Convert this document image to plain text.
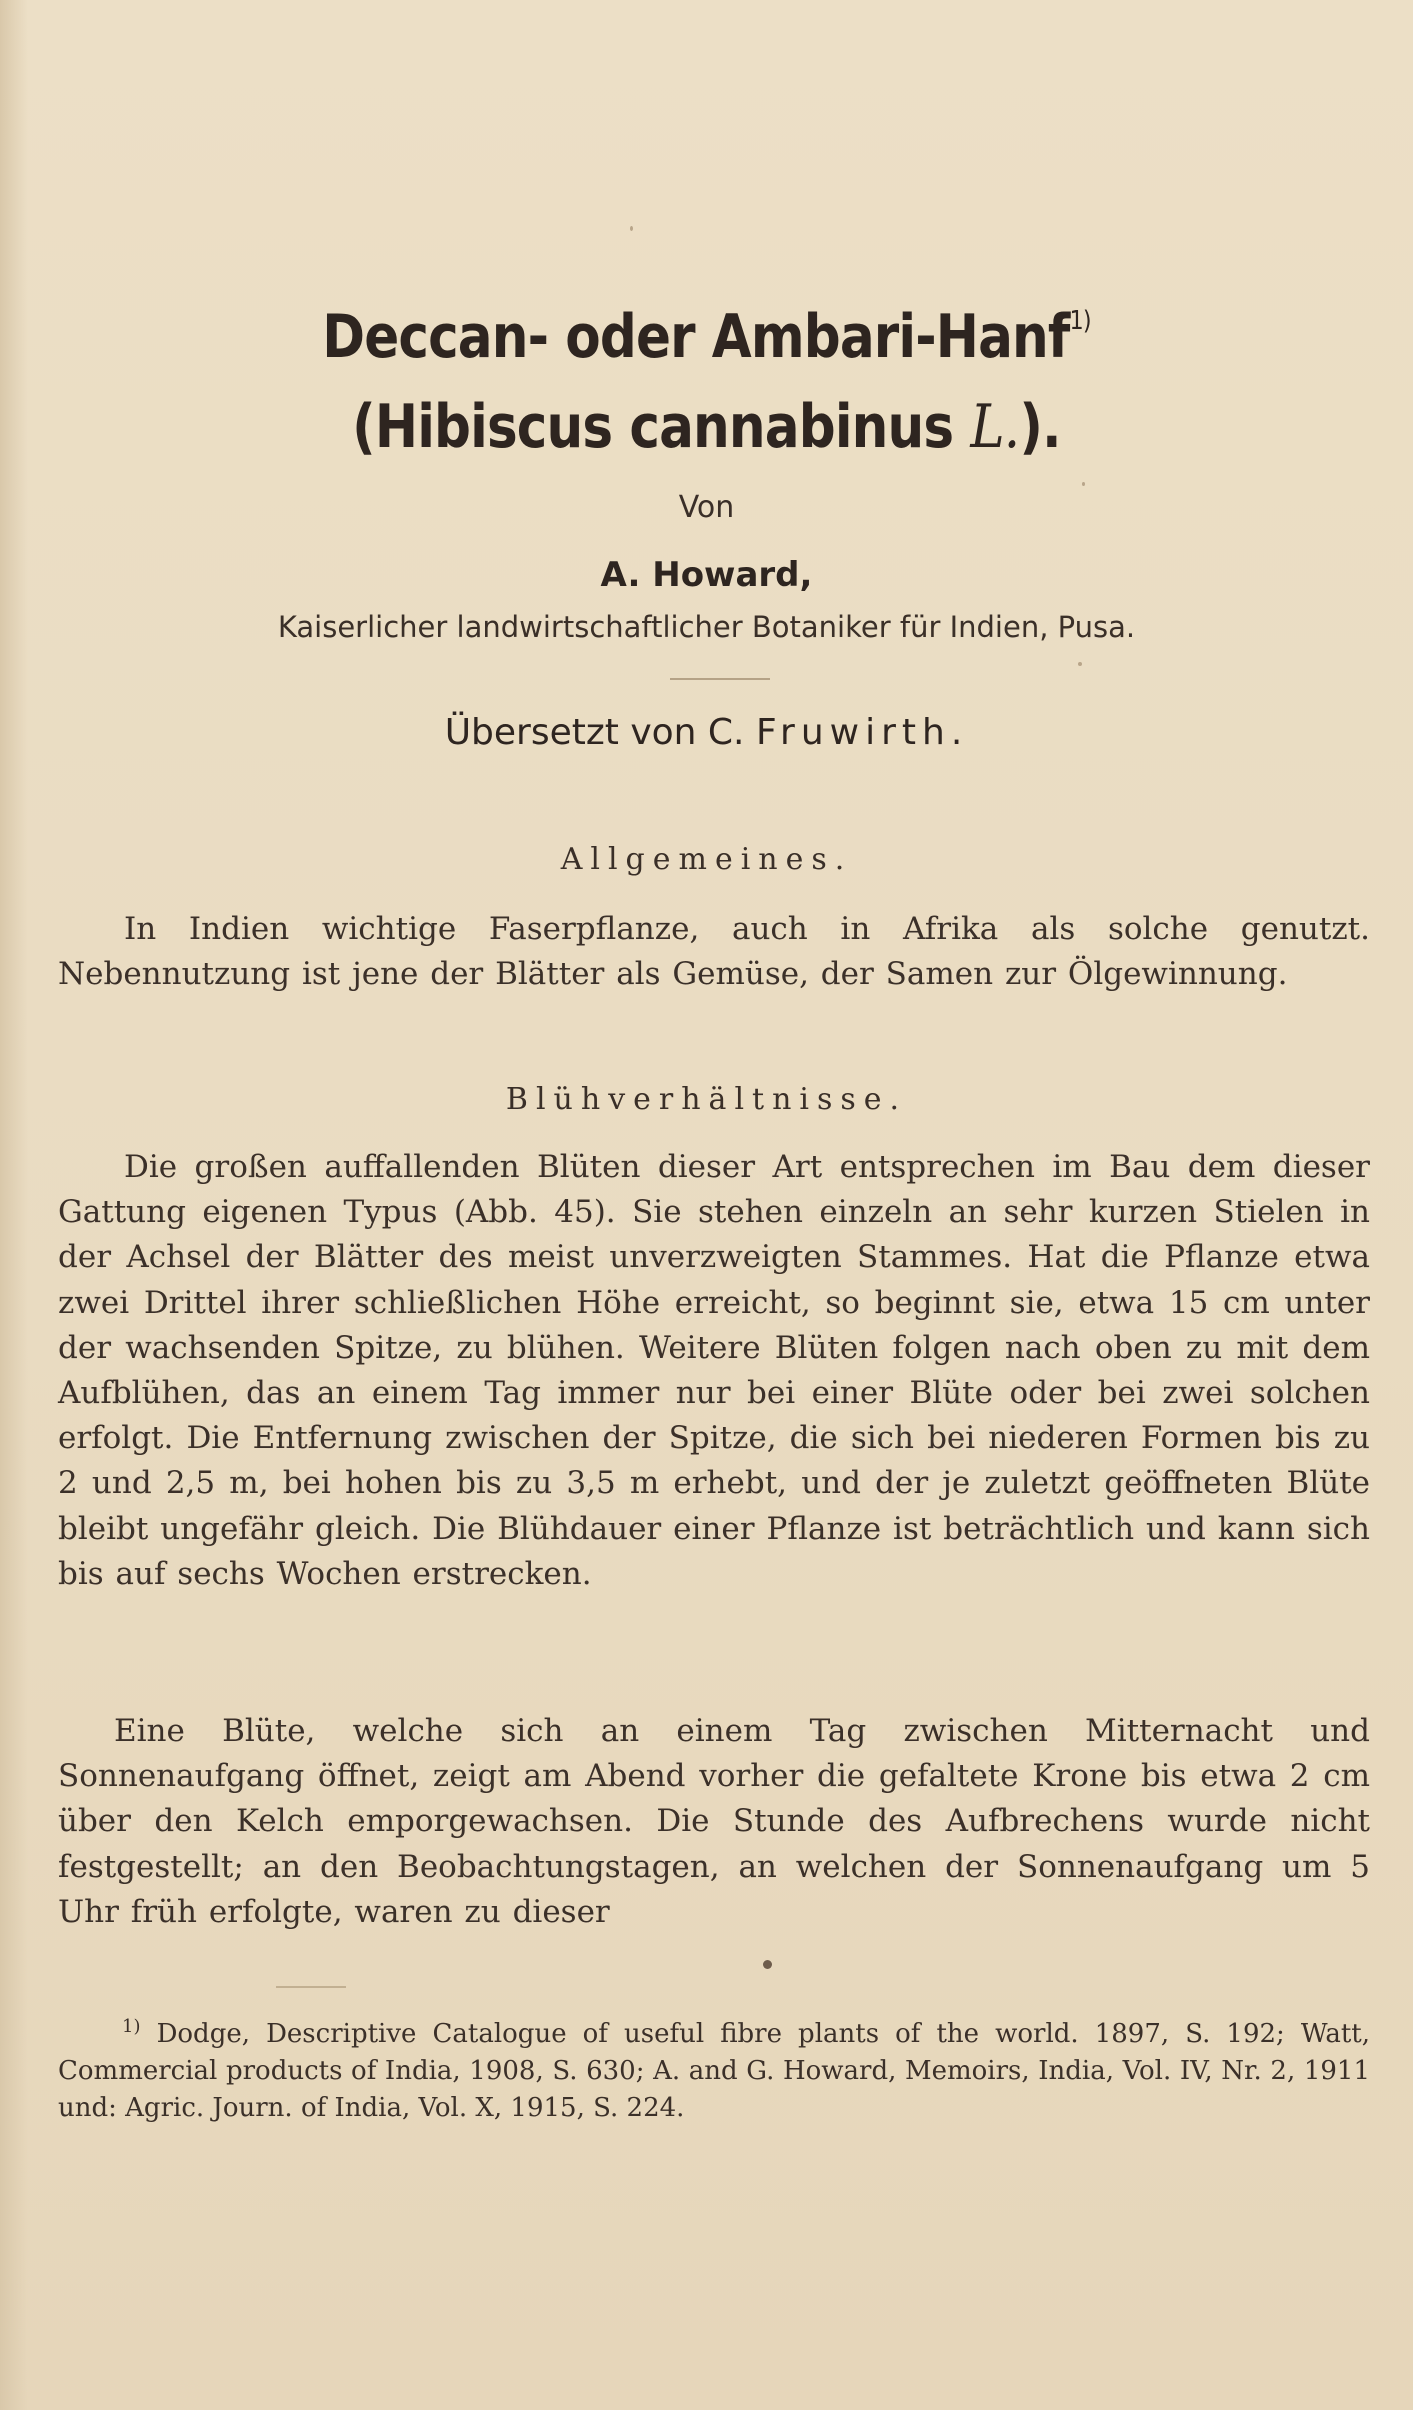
Deccan- oder Ambari-Hanf$^{1)}$
(Hibiscus cannabinus L.).
Von
A. Howard,
Kaiserlicher landwirtschaftlicher Botaniker für Indien, Pusa.
Übersetzt von C. Fruwirth.
Allgemeines.
In Indien wichtige Faserpflanze, auch in Afrika als solche genutzt. Nebennutzung ist jene der Blätter als Gemüse, der Samen zur Ölgewinnung.
Blühverhältnisse.
Die großen auffallenden Blüten dieser Art entsprechen im Bau dem dieser Gattung eigenen Typus (Abb. 45). Sie stehen einzeln an sehr kurzen Stielen in der Achsel der Blätter des meist unverzweigten Stammes. Hat die Pflanze etwa zwei Drittel ihrer schließlichen Höhe erreicht, so beginnt sie, etwa 15 cm unter der wachsenden Spitze, zu blühen. Weitere Blüten folgen nach oben zu mit dem Aufblühen, das an einem Tag immer nur bei einer Blüte oder bei zwei solchen erfolgt. Die Entfernung zwischen der Spitze, die sich bei niederen Formen bis zu 2 und 2,5 m, bei hohen bis zu 3,5 m erhebt, und der je zuletzt geöffneten Blüte bleibt ungefähr gleich. Die Blühdauer einer Pflanze ist beträchtlich und kann sich bis auf sechs Wochen erstrecken.
Eine Blüte, welche sich an einem Tag zwischen Mitternacht und Sonnenaufgang öffnet, zeigt am Abend vorher die gefaltete Krone bis etwa 2 cm über den Kelch emporgewachsen. Die Stunde des Aufbrechens wurde nicht festgestellt; an den Beobachtungstagen, an welchen der Sonnenaufgang um 5 Uhr früh erfolgte, waren zu dieser
$^{1)}$ Dodge, Descriptive Catalogue of useful fibre plants of the world. 1897, S. 192; Watt, Commercial products of India, 1908, S. 630; A. and G. Howard, Memoirs, India, Vol. IV, Nr. 2, 1911 und: Agric. Journ. of India, Vol. X, 1915, S. 224.
